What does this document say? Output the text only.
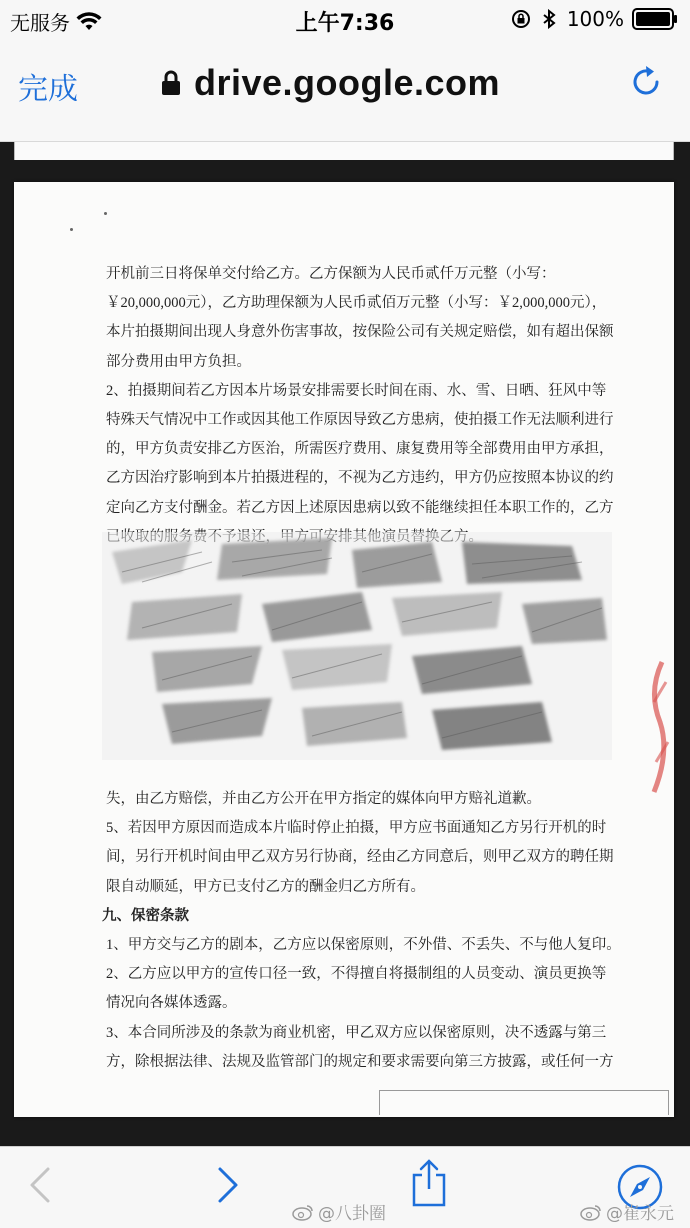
无服务	上午7:36	100%
完成	drive.google.com

开机前三日将保单交付给乙方。乙方保额为人民币贰仟万元整（小写：

￥20,000,000元），乙方助理保额为人民币贰佰万元整（小写：￥2,000,000元），

本片拍摄期间出现人身意外伤害事故，按保险公司有关规定赔偿，如有超出保额

部分费用由甲方负担。

2、拍摄期间若乙方因本片场景安排需要长时间在雨、水、雪、日晒、狂风中等

特殊天气情况中工作或因其他工作原因导致乙方患病，使拍摄工作无法顺利进行

的，甲方负责安排乙方医治，所需医疗费用、康复费用等全部费用由甲方承担，

乙方因治疗影响到本片拍摄进程的，不视为乙方违约，甲方仍应按照本协议的约

定向乙方支付酬金。若乙方因上述原因患病以致不能继续担任本职工作的，乙方

失，由乙方赔偿，并由乙方公开在甲方指定的媒体向甲方赔礼道歉。

5、若因甲方原因而造成本片临时停止拍摄，甲方应书面通知乙方另行开机的时

间，另行开机时间由甲乙双方另行协商，经由乙方同意后，则甲乙双方的聘任期

限自动顺延，甲方已支付乙方的酬金归乙方所有。

九、保密条款

1、甲方交与乙方的剧本，乙方应以保密原则，不外借、不丢失、不与他人复印。

2、乙方应以甲方的宣传口径一致，不得擅自将摄制组的人员变动、演员更换等

情况向各媒体透露。

3、本合同所涉及的条款为商业机密，甲乙双方应以保密原则，决不透露与第三

方，除根据法律、法规及监管部门的规定和要求需要向第三方披露，或任何一方

@八卦圈	@崔永元
